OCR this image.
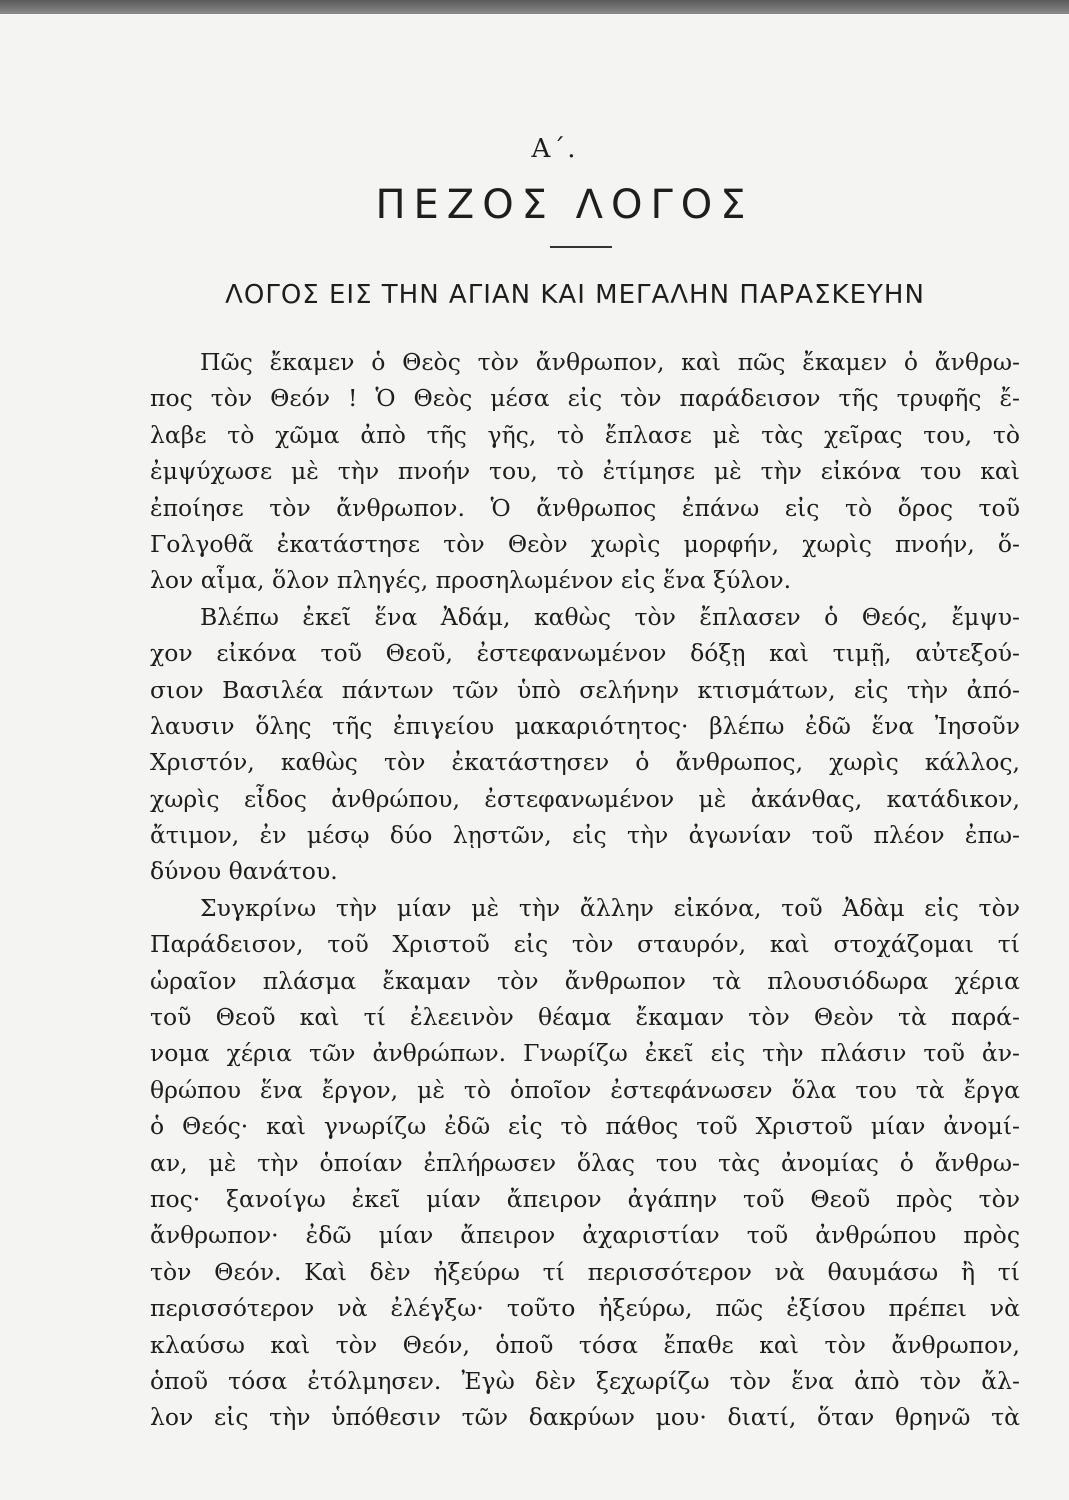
Α΄.
ΠΕΖΟΣ ΛΟΓΟΣ
ΛΟΓΟΣ ΕΙΣ ΤΗΝ ΑΓΙΑΝ ΚΑΙ ΜΕΓΑΛΗΝ ΠΑΡΑΣΚΕΥΗΝ
Πῶς ἔκαμεν ὁ Θεὸς τὸν ἄνθρωπον, καὶ πῶς ἔκαμεν ὁ ἄνθρω-
πος τὸν Θεόν ! Ὁ Θεὸς μέσα εἰς τὸν παράδεισον τῆς τρυφῆς ἔ-
λαβε τὸ χῶμα ἀπὸ τῆς γῆς, τὸ ἔπλασε μὲ τὰς χεῖρας του, τὸ
ἐμψύχωσε μὲ τὴν πνοήν του, τὸ ἐτίμησε μὲ τὴν εἰκόνα του καὶ
ἐποίησε τὸν ἄνθρωπον. Ὁ ἄνθρωπος ἐπάνω εἰς τὸ ὄρος τοῦ
Γολγοθᾶ ἐκατάστησε τὸν Θεὸν χωρὶς μορφήν, χωρὶς πνοήν, ὅ-
λον αἷμα, ὅλον πληγές, προσηλωμένον εἰς ἕνα ξύλον.
Βλέπω ἐκεῖ ἕνα Ἀδάμ, καθὼς τὸν ἔπλασεν ὁ Θεός, ἔμψυ-
χον εἰκόνα τοῦ Θεοῦ, ἐστεφανωμένον δόξῃ καὶ τιμῇ, αὐτεξού-
σιον Βασιλέα πάντων τῶν ὑπὸ σελήνην κτισμάτων, εἰς τὴν ἀπό-
λαυσιν ὅλης τῆς ἐπιγείου μακαριότητος· βλέπω ἐδῶ ἕνα Ἰησοῦν
Χριστόν, καθὼς τὸν ἐκατάστησεν ὁ ἄνθρωπος, χωρὶς κάλλος,
χωρὶς εἶδος ἀνθρώπου, ἐστεφανωμένον μὲ ἀκάνθας, κατάδικον,
ἄτιμον, ἐν μέσῳ δύο λῃστῶν, εἰς τὴν ἀγωνίαν τοῦ πλέον ἐπω-
δύνου θανάτου.
Συγκρίνω τὴν μίαν μὲ τὴν ἄλλην εἰκόνα, τοῦ Ἀδὰμ εἰς τὸν
Παράδεισον, τοῦ Χριστοῦ εἰς τὸν σταυρόν, καὶ στοχάζομαι τί
ὡραῖον πλάσμα ἔκαμαν τὸν ἄνθρωπον τὰ πλουσιόδωρα χέρια
τοῦ Θεοῦ καὶ τί ἐλεεινὸν θέαμα ἔκαμαν τὸν Θεὸν τὰ παρά-
νομα χέρια τῶν ἀνθρώπων. Γνωρίζω ἐκεῖ εἰς τὴν πλάσιν τοῦ ἀν-
θρώπου ἕνα ἔργον, μὲ τὸ ὁποῖον ἐστεφάνωσεν ὅλα του τὰ ἔργα
ὁ Θεός· καὶ γνωρίζω ἐδῶ εἰς τὸ πάθος τοῦ Χριστοῦ μίαν ἀνομί-
αν, μὲ τὴν ὁποίαν ἐπλήρωσεν ὅλας του τὰς ἀνομίας ὁ ἄνθρω-
πος· ξανοίγω ἐκεῖ μίαν ἄπειρον ἀγάπην τοῦ Θεοῦ πρὸς τὸν
ἄνθρωπον· ἐδῶ μίαν ἄπειρον ἀχαριστίαν τοῦ ἀνθρώπου πρὸς
τὸν Θεόν. Καὶ δὲν ἠξεύρω τί περισσότερον νὰ θαυμάσω ἢ τί
περισσότερον νὰ ἐλέγξω· τοῦτο ἠξεύρω, πῶς ἐξίσου πρέπει νὰ
κλαύσω καὶ τὸν Θεόν, ὁποῦ τόσα ἔπαθε καὶ τὸν ἄνθρωπον,
ὁποῦ τόσα ἐτόλμησεν. Ἐγὼ δὲν ξεχωρίζω τὸν ἕνα ἀπὸ τὸν ἄλ-
λον εἰς τὴν ὑπόθεσιν τῶν δακρύων μου· διατί, ὅταν θρηνῶ τὰ
